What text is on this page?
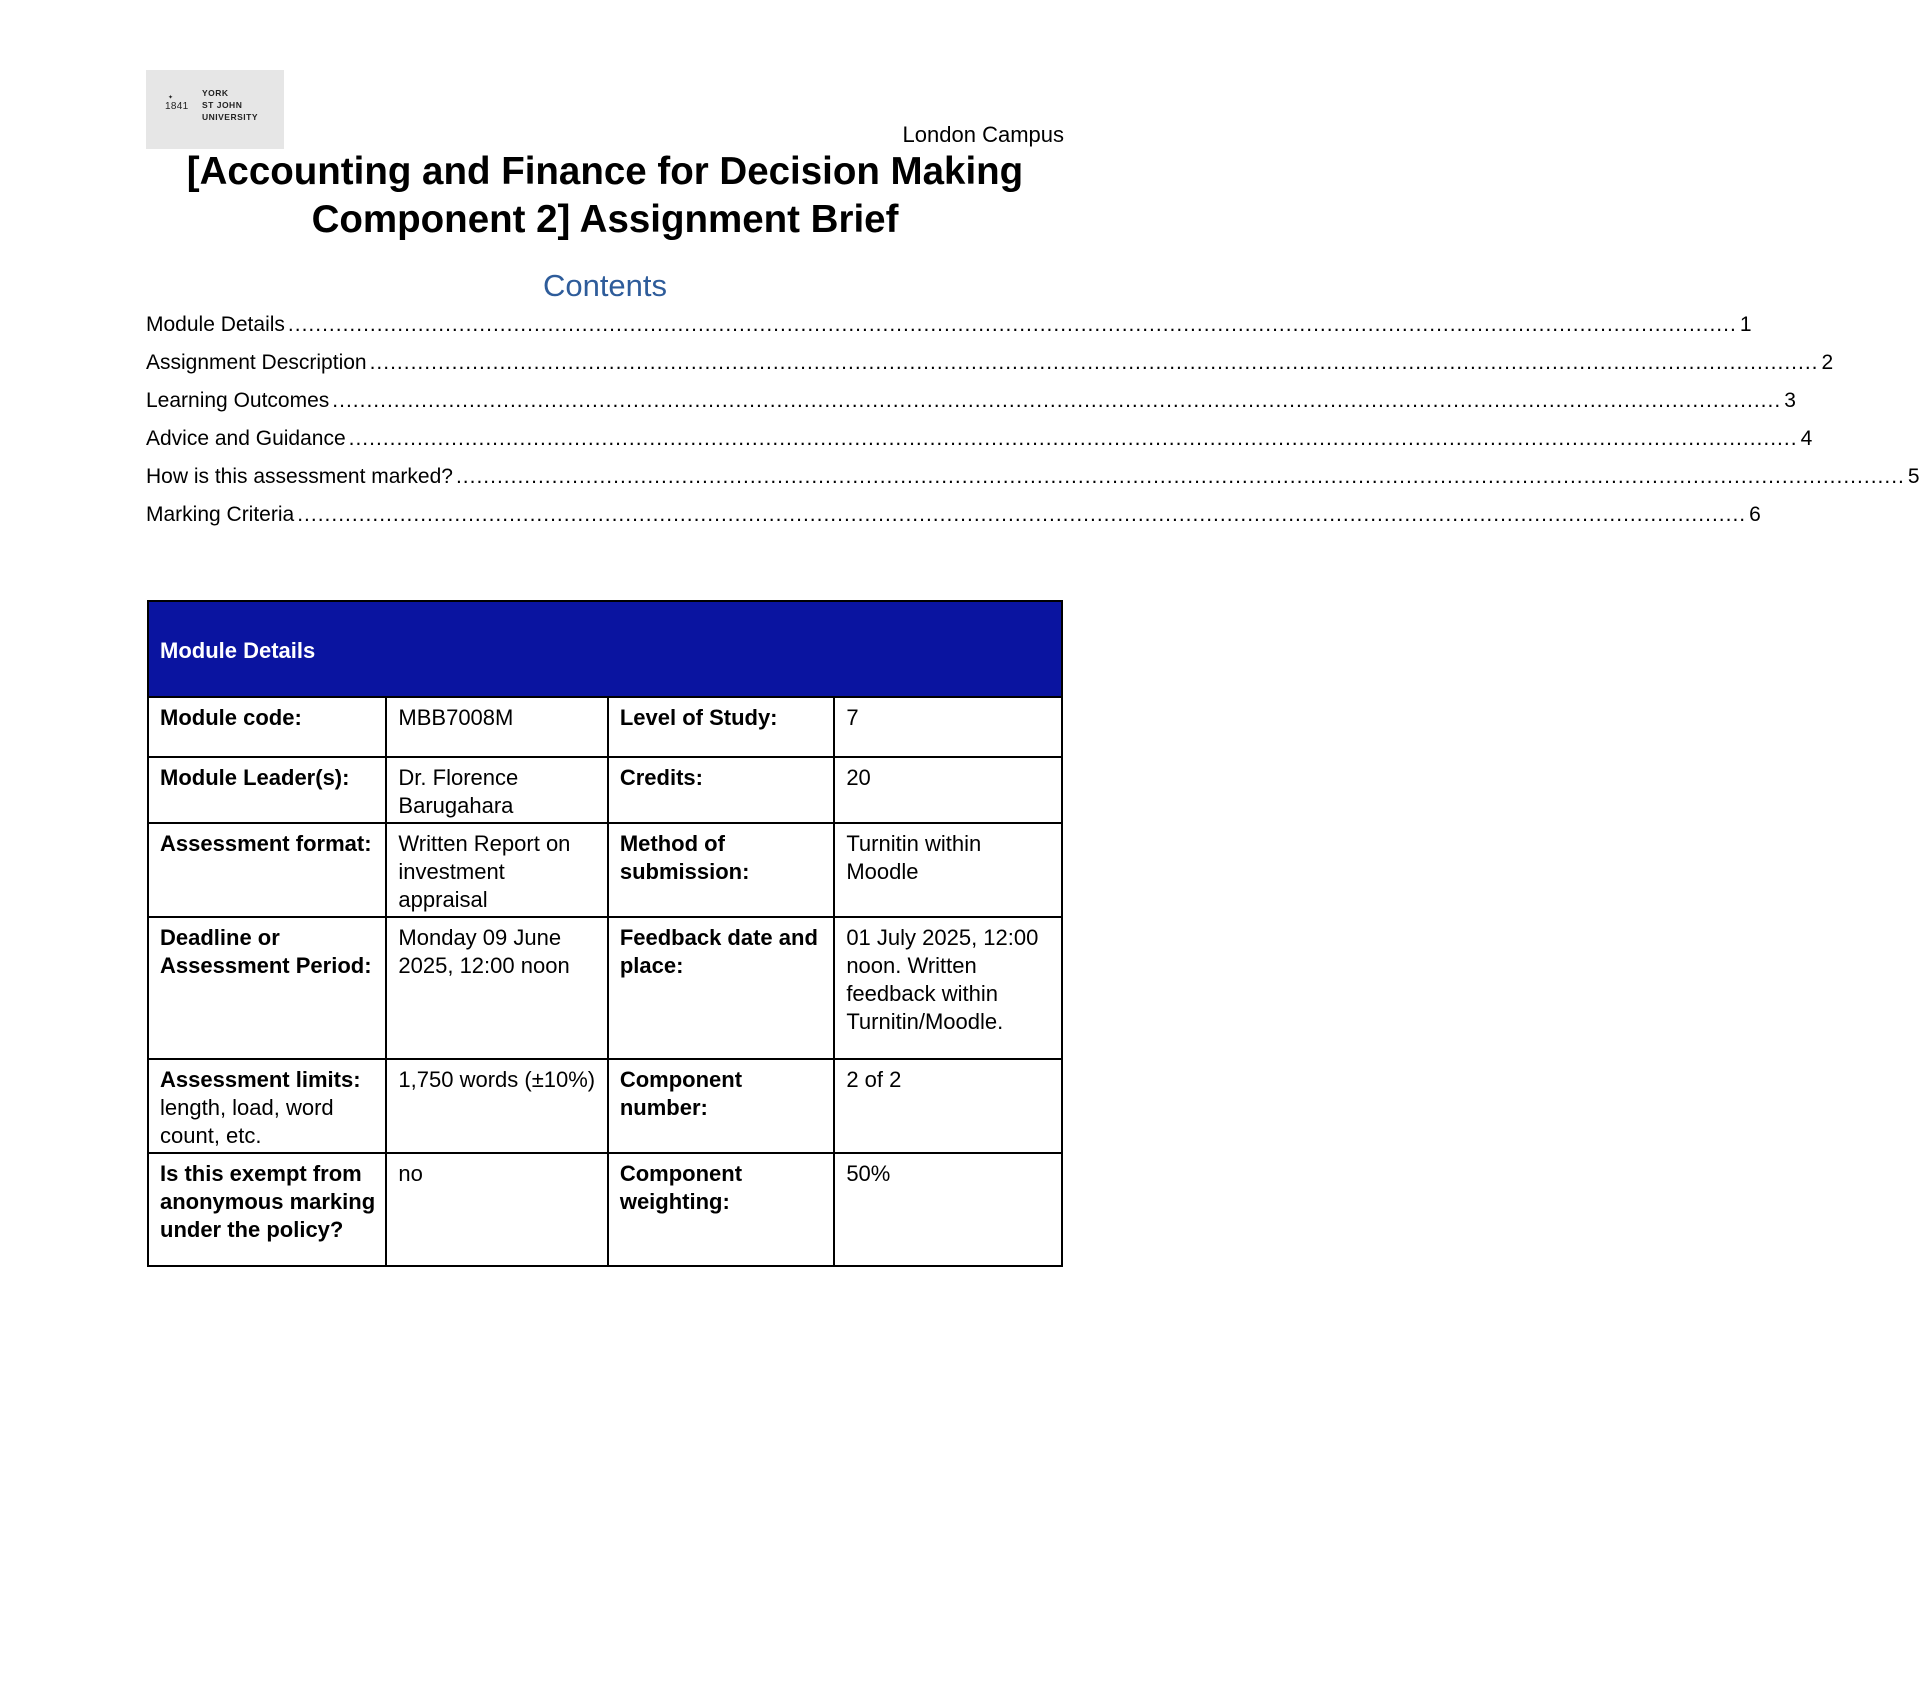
✦
1841
YORK
ST JOHN
UNIVERSITY
London Campus
[Accounting and Finance for Decision Making
Component 2] Assignment Brief
Contents
Module Details .................................................................................................................................................................................................................... 1
Assignment Description .................................................................................................................................................................................................................... 2
Learning Outcomes .................................................................................................................................................................................................................... 3
Advice and Guidance .................................................................................................................................................................................................................... 4
How is this assessment marked? .................................................................................................................................................................................................................... 5
Marking Criteria .................................................................................................................................................................................................................... 6
Module Details			
Module code:	MBB7008M	Level of Study:	7
Module Leader(s):	Dr. Florence Barugahara	Credits:	20
Assessment format:	Written Report on investment appraisal	Method of submission:	Turnitin within Moodle
Deadline or Assessment Period:	Monday 09 June 2025, 12:00 noon	Feedback date and place:	01 July 2025, 12:00 noon. Written feedback within Turnitin/Moodle.
Assessment limits: length, load, word count, etc.	1,750 words (±10%)	Component number:	2 of 2
Is this exempt from anonymous marking under the policy?	no	Component weighting:	50%
